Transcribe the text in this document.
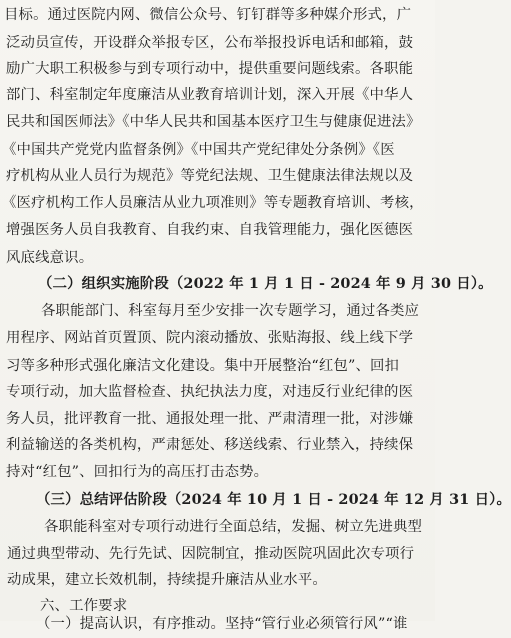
目标。通过医院内网、微信公众号、钉钉群等多种媒介形式，广
泛动员宣传，开设群众举报专区，公布举报投诉电话和邮箱，鼓
励广大职工积极参与到专项行动中，提供重要问题线索。各职能
部门、科室制定年度廉洁从业教育培训计划，深入开展《中华人
民共和国医师法》《中华人民共和国基本医疗卫生与健康促进法》
《中国共产党党内监督条例》《中国共产党纪律处分条例》《医
疗机构从业人员行为规范》等党纪法规、卫生健康法律法规以及
《医疗机构工作人员廉洁从业九项准则》等专题教育培训、考核，
增强医务人员自我教育、自我约束、自我管理能力，强化医德医
风底线意识。
（二）组织实施阶段（2022 年 1 月 1 日 - 2024 年 9 月 30 日）。
各职能部门、科室每月至少安排一次专题学习，通过各类应
用程序、网站首页置顶、院内滚动播放、张贴海报、线上线下学
习等多种形式强化廉洁文化建设。集中开展整治“红包”、回扣
专项行动，加大监督检查、执纪执法力度，对违反行业纪律的医
务人员，批评教育一批、通报处理一批、严肃清理一批，对涉嫌
利益输送的各类机构，严肃惩处、移送线索、行业禁入，持续保
持对“红包”、回扣行为的高压打击态势。
（三）总结评估阶段（2024 年 10 月 1 日 - 2024 年 12 月 31 日）。
各职能科室对专项行动进行全面总结，发掘、树立先进典型
通过典型带动、先行先试、因院制宜，推动医院巩固此次专项行
动成果，建立长效机制，持续提升廉洁从业水平。
六、工作要求
（一）提高认识，有序推动。坚持“管行业必须管行风”“谁
